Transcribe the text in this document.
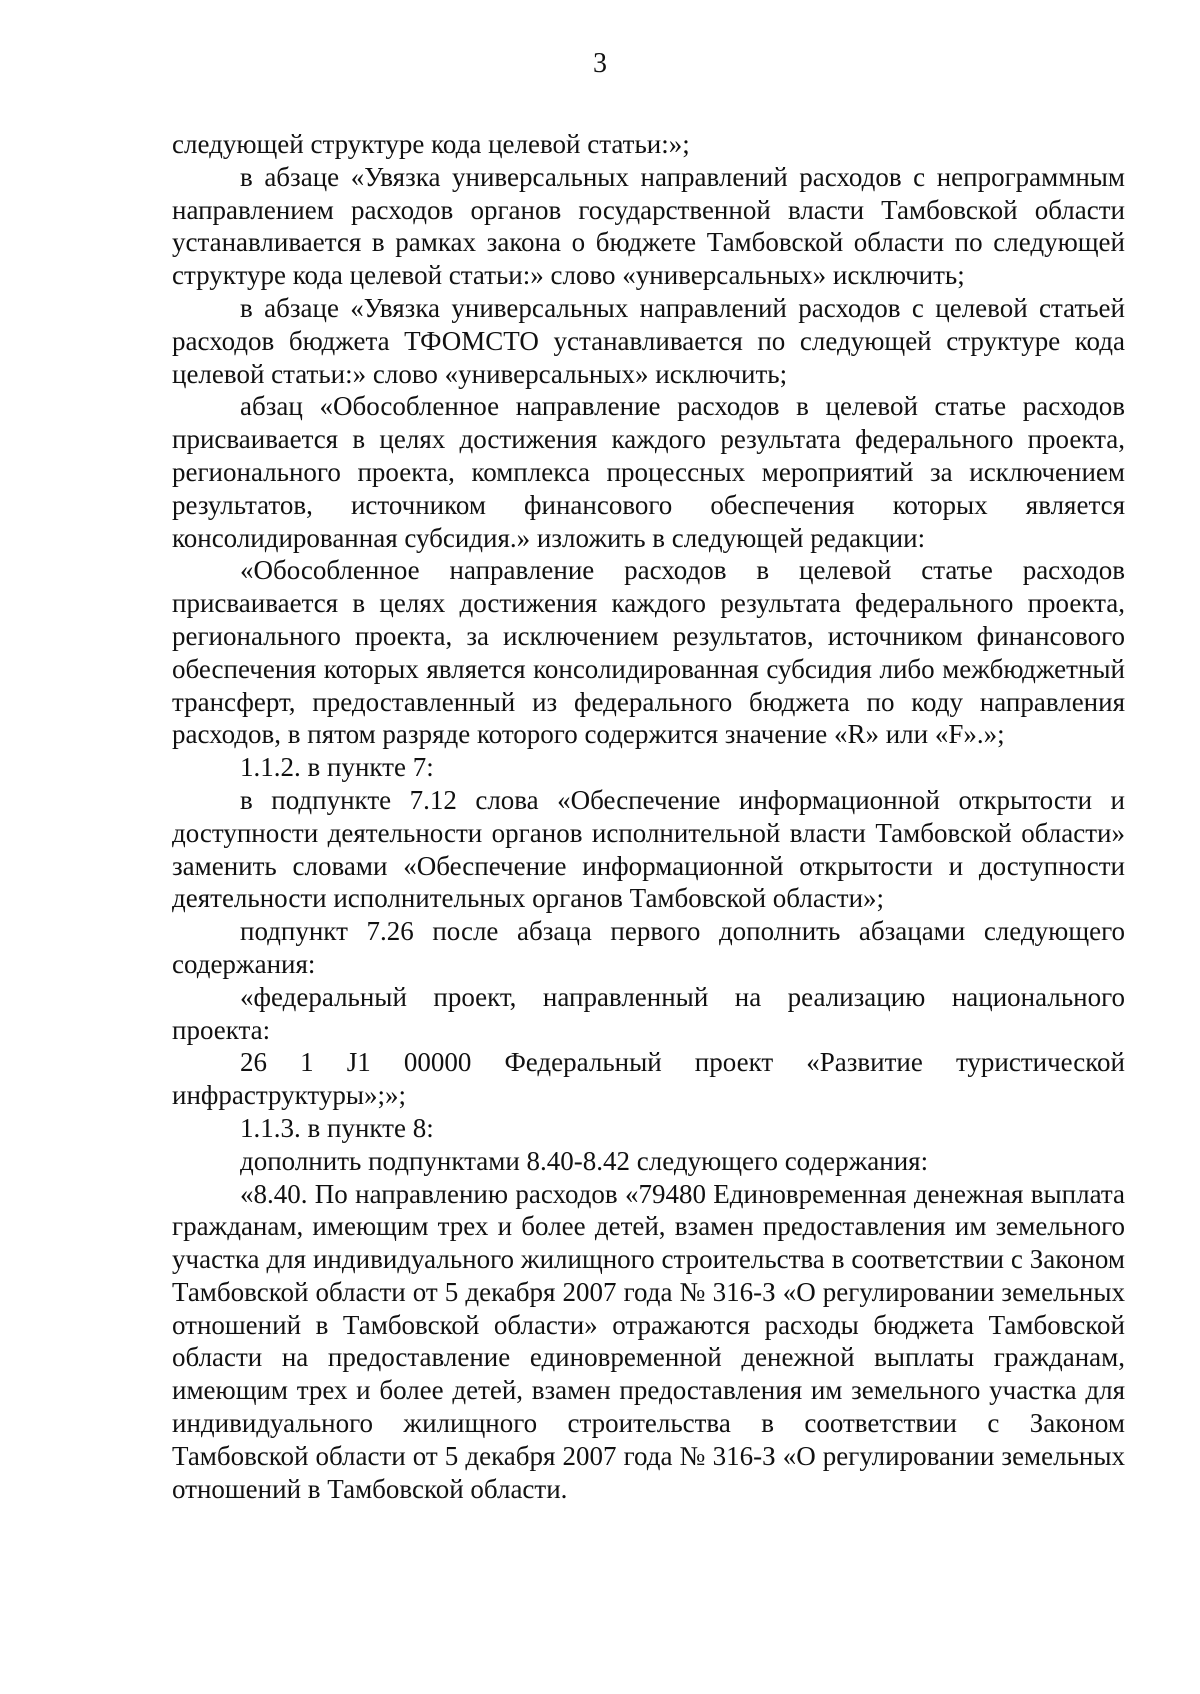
3

следующей структуре кода целевой статьи:»;

в абзаце «Увязка универсальных направлений расходов с непрограммным направлением расходов органов государственной власти Тамбовской области устанавливается в рамках закона о бюджете Тамбовской области по следующей структуре кода целевой статьи:» слово «универсальных» исключить;

в абзаце «Увязка универсальных направлений расходов с целевой статьей расходов бюджета ТФОМСТО устанавливается по следующей структуре кода целевой статьи:» слово «универсальных» исключить;

абзац «Обособленное направление расходов в целевой статье расходов присваивается в целях достижения каждого результата федерального проекта, регионального проекта, комплекса процессных мероприятий за исключением результатов, источником финансового обеспечения которых является консолидированная субсидия.» изложить в следующей редакции:

«Обособленное направление расходов в целевой статье расходов присваивается в целях достижения каждого результата федерального проекта, регионального проекта, за исключением результатов, источником финансового обеспечения которых является консолидированная субсидия либо межбюджетный трансферт, предоставленный из федерального бюджета по коду направления расходов, в пятом разряде которого содержится значение «R» или «F».»;

1.1.2. в пункте 7:

в подпункте 7.12 слова «Обеспечение информационной открытости и доступности деятельности органов исполнительной власти Тамбовской области» заменить словами «Обеспечение информационной открытости и доступности деятельности исполнительных органов Тамбовской области»;

подпункт 7.26 после абзаца первого дополнить абзацами следующего содержания:

«федеральный проект, направленный на реализацию национального проекта:

26 1 J1 00000 Федеральный проект «Развитие туристической инфраструктуры»;»;

1.1.3. в пункте 8:

дополнить подпунктами 8.40-8.42 следующего содержания:

«8.40. По направлению расходов «79480 Единовременная денежная выплата гражданам, имеющим трех и более детей, взамен предоставления им земельного участка для индивидуального жилищного строительства в соответствии с Законом Тамбовской области от 5 декабря 2007 года № 316-З «О регулировании земельных отношений в Тамбовской области» отражаются расходы бюджета Тамбовской области на предоставление единовременной денежной выплаты гражданам, имеющим трех и более детей, взамен предоставления им земельного участка для индивидуального жилищного строительства в соответствии с Законом Тамбовской области от 5 декабря 2007 года № 316-З «О регулировании земельных отношений в Тамбовской области.
